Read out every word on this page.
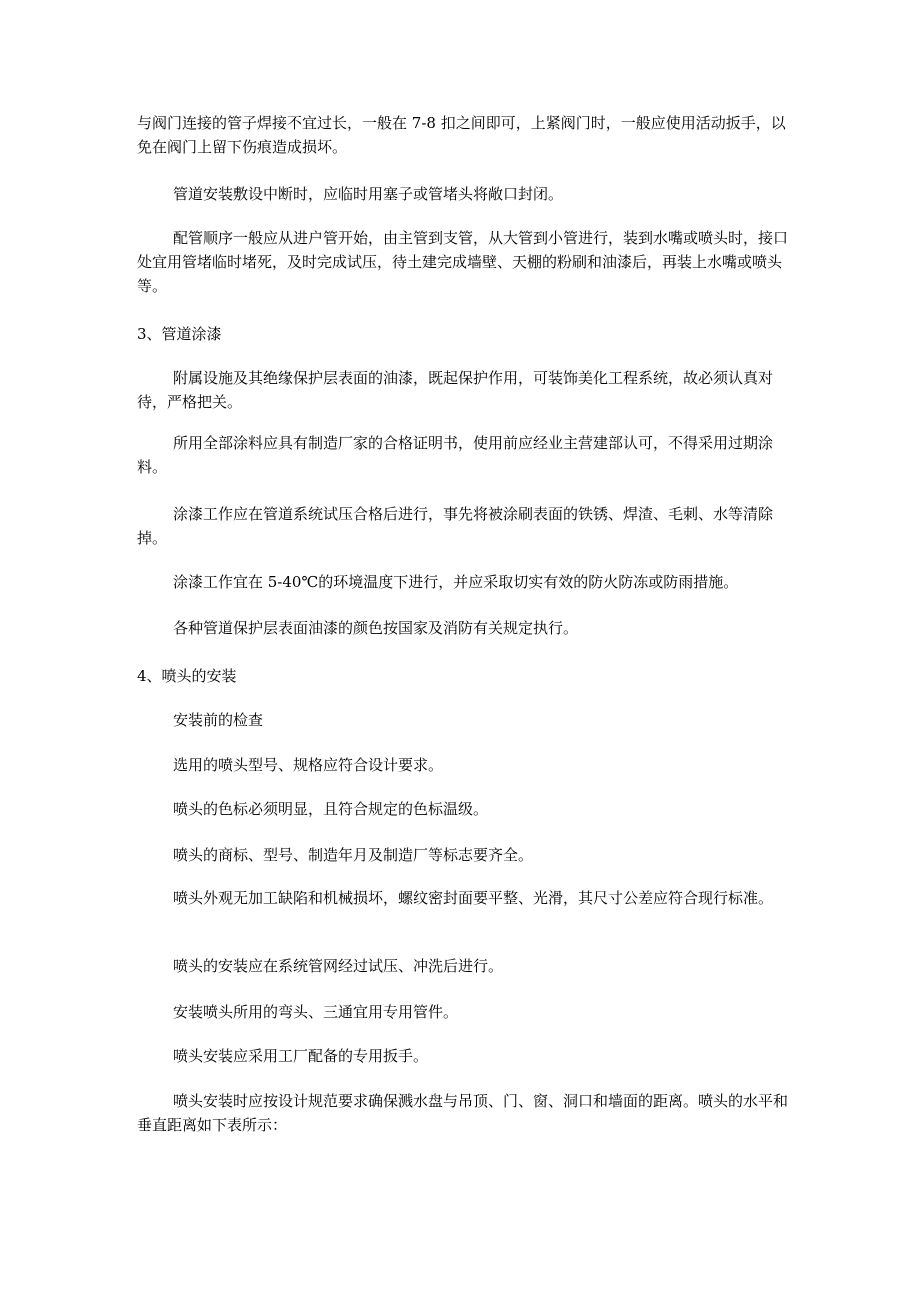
与阀门连接的管子焊接不宜过长，一般在 7-8 扣之间即可，上紧阀门时，一般应使用活动扳手，以免在阀门上留下伤痕造成损坏。

管道安装敷设中断时，应临时用塞子或管堵头将敞口封闭。

配管顺序一般应从进户管开始，由主管到支管，从大管到小管进行，装到水嘴或喷头时，接口处宜用管堵临时堵死，及时完成试压，待土建完成墙壁、天棚的粉刷和油漆后，再装上水嘴或喷头等。

3、管道涂漆

附属设施及其绝缘保护层表面的油漆，既起保护作用，可装饰美化工程系统，故必须认真对待，严格把关。

所用全部涂料应具有制造厂家的合格证明书，使用前应经业主营建部认可，不得采用过期涂料。

涂漆工作应在管道系统试压合格后进行，事先将被涂刷表面的铁锈、焊渣、毛刺、水等清除掉。

涂漆工作宜在 5-40℃的环境温度下进行，并应采取切实有效的防火防冻或防雨措施。

各种管道保护层表面油漆的颜色按国家及消防有关规定执行。

4、喷头的安装

安装前的检查

选用的喷头型号、规格应符合设计要求。

喷头的色标必须明显，且符合规定的色标温级。

喷头的商标、型号、制造年月及制造厂等标志要齐全。

喷头外观无加工缺陷和机械损坏，螺纹密封面要平整、光滑，其尺寸公差应符合现行标准。

喷头的安装应在系统管网经过试压、冲洗后进行。

安装喷头所用的弯头、三通宜用专用管件。

喷头安装应采用工厂配备的专用扳手。

喷头安装时应按设计规范要求确保溅水盘与吊顶、门、窗、洞口和墙面的距离。喷头的水平和垂直距离如下表所示：
